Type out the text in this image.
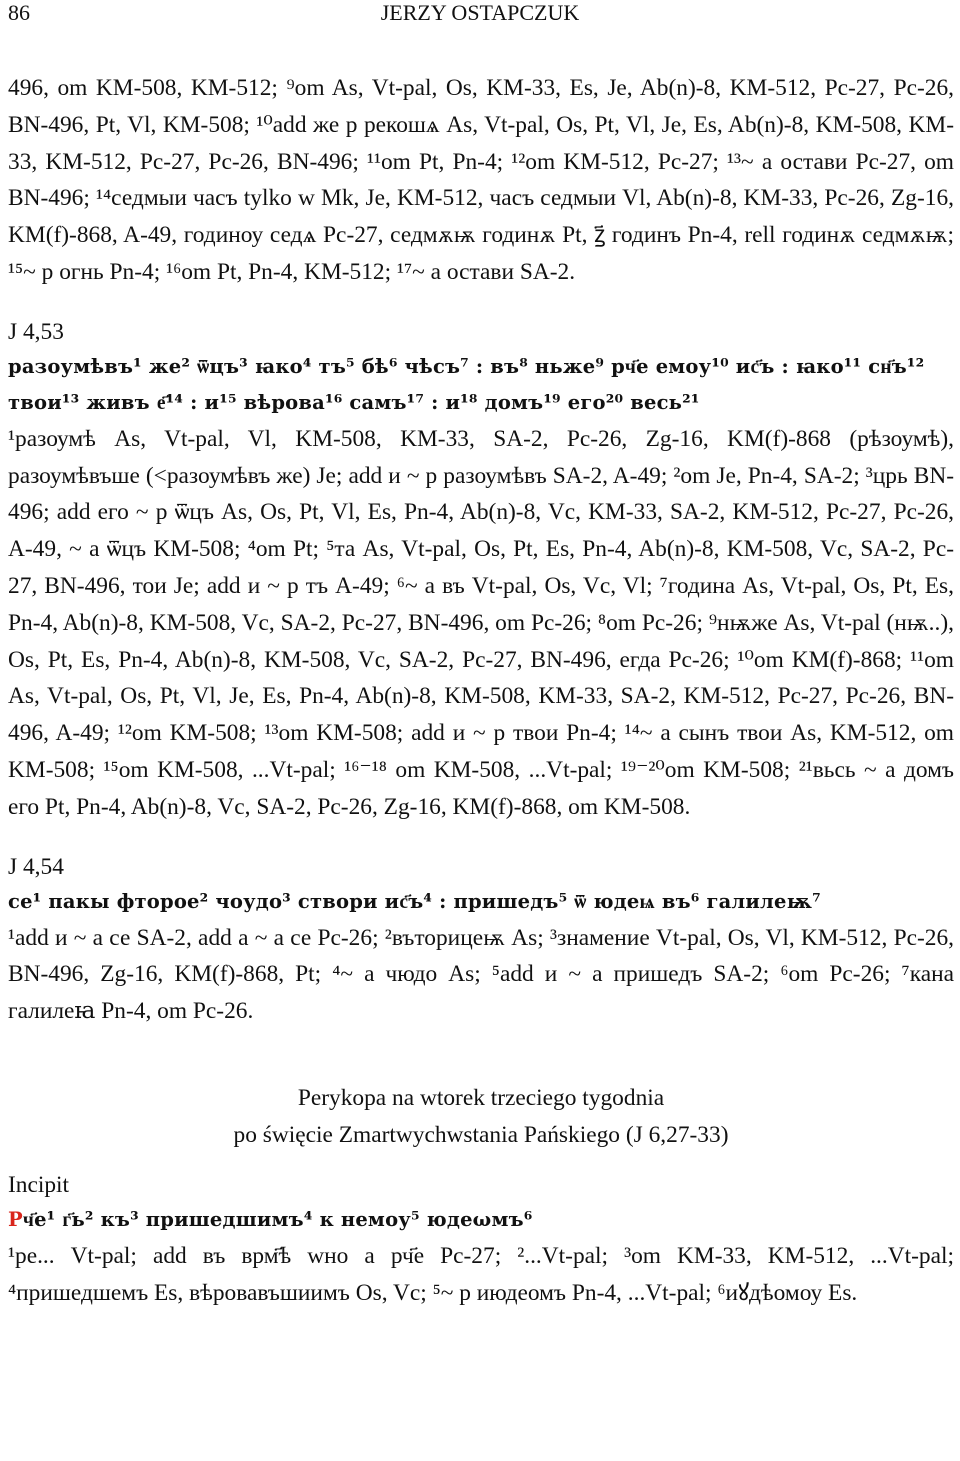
86	JERZY OSTAPCZUK

496, om KM-508, KM-512; ⁹om As, Vt-pal, Os, KM-33, Es, Je, Ab(n)-8, KM-512, Pc-27, Pc-26, BN-496, Pt, Vl, KM-508; ¹⁰add же р рекошѧ As, Vt-pal, Os, Pt, Vl, Je, Es, Ab(n)-8, KM-508, KM-33, KM-512, Pc-27, Pc-26, BN-496; ¹¹om Pt, Pn-4; ¹²om KM-512, Pc-27; ¹³~ а остави Pc-27, om BN-496; ¹⁴седмыи часъ tylko w Mk, Je, KM-512, часъ седмыи Vl, Ab(n)-8, KM-33, Pc-26, Zg-16, KM(f)-868, A-49, годиноу седѧ Pc-27, седмѫѭ годинѫ Pt, ꙁ҃ годинъ Pn-4, rell годинѫ седмѫѭ; ¹⁵~ р огнь Pn-4; ¹⁶om Pt, Pn-4, KM-512; ¹⁷~ а остави SA-2.

J 4,53

разоумѣвъ¹ же² ѿцъ³ ꙗко⁴ тъ⁵ бѣ⁶ чѣсъ⁷ : въ⁸ ньже⁹ рч҃е емоу¹⁰ ис҃ъ : ꙗко¹¹ сн҃ъ¹² твои¹³ живъ е҃¹⁴ : и¹⁵ вѣрова¹⁶ самъ¹⁷ : и¹⁸ домъ¹⁹ его²⁰ весь²¹

¹разоумѣ As, Vt-pal, Vl, KM-508, KM-33, SA-2, Pc-26, Zg-16, KM(f)-868 (рѣзоумѣ), разоумѣвъше (<разоумѣвъ же) Je; add и ~ р разоумѣвъ SA-2, A-49; ²om Je, Pn-4, SA-2; ³црь BN-496; add его ~ р ѿцъ As, Os, Pt, Vl, Es, Pn-4, Ab(n)-8, Vc, KM-33, SA-2, KM-512, Pc-27, Pc-26, A-49, ~ а ѿцъ KM-508; ⁴om Pt; ⁵та As, Vt-pal, Os, Pt, Es, Pn-4, Ab(n)-8, KM-508, Vc, SA-2, Pc-27, BN-496, тои Je; add и ~ р тъ A-49; ⁶~ а въ Vt-pal, Os, Vc, Vl; ⁷година As, Vt-pal, Os, Pt, Es, Pn-4, Ab(n)-8, KM-508, Vc, SA-2, Pc-27, BN-496, om Pc-26; ⁸om Pc-26; ⁹нѭже As, Vt-pal (нѭ..), Os, Pt, Es, Pn-4, Ab(n)-8, KM-508, Vc, SA-2, Pc-27, BN-496, егда Pc-26; ¹⁰om KM(f)-868; ¹¹om As, Vt-pal, Os, Pt, Vl, Je, Es, Pn-4, Ab(n)-8, KM-508, KM-33, SA-2, KM-512, Pc-27, Pc-26, BN-496, A-49; ¹²om KM-508; ¹³om KM-508; add и ~ р твои Pn-4; ¹⁴~ а сынъ твои As, KM-512, om KM-508; ¹⁵om KM-508, ...Vt-pal; ¹⁶⁻¹⁸ om KM-508, ...Vt-pal; ¹⁹⁻²⁰om KM-508; ²¹вьсь ~ а домъ его Pt, Pn-4, Ab(n)-8, Vc, SA-2, Pc-26, Zg-16, KM(f)-868, om KM-508.

J 4,54

се¹ пакы фторое² чоудо³ створи ис҃ъ⁴ : пришедъ⁵ ѿ юдеѩ въ⁶ галилеѭ⁷

¹add и ~ а се SA-2, add а ~ а се Pc-26; ²въторицеѭ As; ³знамение Vt-pal, Os, Vl, KM-512, Pc-26, BN-496, Zg-16, KM(f)-868, Pt; ⁴~ а чюдо As; ⁵add и ~ а пришедъ SA-2; ⁶om Pc-26; ⁷кана галилеꙗ Pn-4, om Pc-26.

Perykopa na wtorek trzeciego tygodnia

po święcie Zmartwychwstania Pańskiego (J 6,27-33)

Incipit

Рч҃е¹ г҃ь² къ³ пришедшимъ⁴ к немоу⁵ юдеωмъ⁶

¹ре... Vt-pal; add въ врм҃ѣ wно а рч҃е Pc-27; ²...Vt-pal; ³om KM-33, KM-512, ...Vt-pal; ⁴пришедшемъ Es, вѣровавъшиимъ Os, Vc; ⁵~ р июдеомъ Pn-4, ...Vt-pal; ⁶иꙋдѣомоу Es.
